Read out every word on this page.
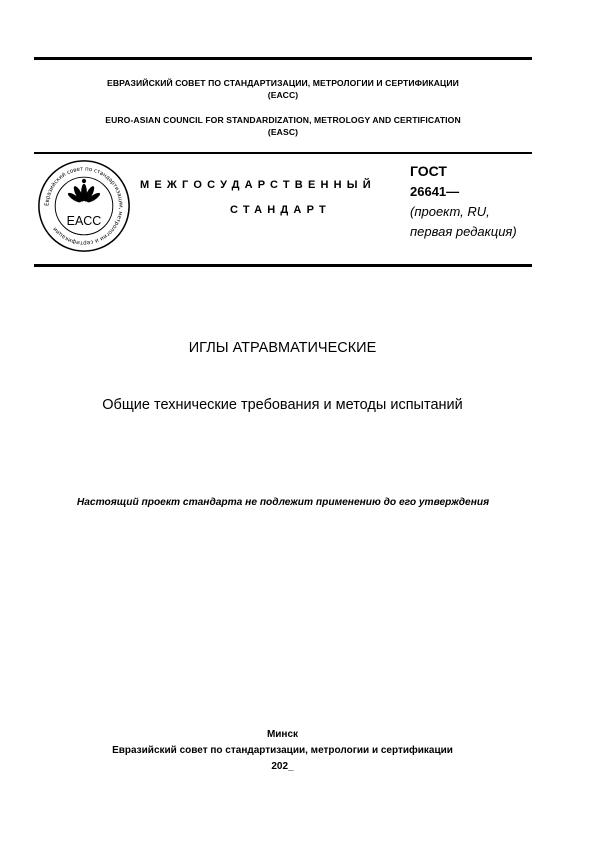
ЕВРАЗИЙСКИЙ СОВЕТ ПО СТАНДАРТИЗАЦИИ, МЕТРОЛОГИИ И СЕРТИФИКАЦИИ
(ЕАСС)
EURO-ASIAN COUNCIL FOR STANDARDIZATION, METROLOGY AND CERTIFICATION
(EASC)
Евразийский совет по стандартизации, метрологии и сертификации
EACC
МЕЖГОСУДАРСТВЕННЫЙ
СТАНДАРТ
ГОСТ
26641—
(проект, RU,
первая редакция)
ИГЛЫ АТРАВМАТИЧЕСКИЕ
Общие технические требования и методы испытаний
Настоящий проект стандарта не подлежит применению до его утверждения
Минск
Евразийский совет по стандартизации, метрологии и сертификации
202_
